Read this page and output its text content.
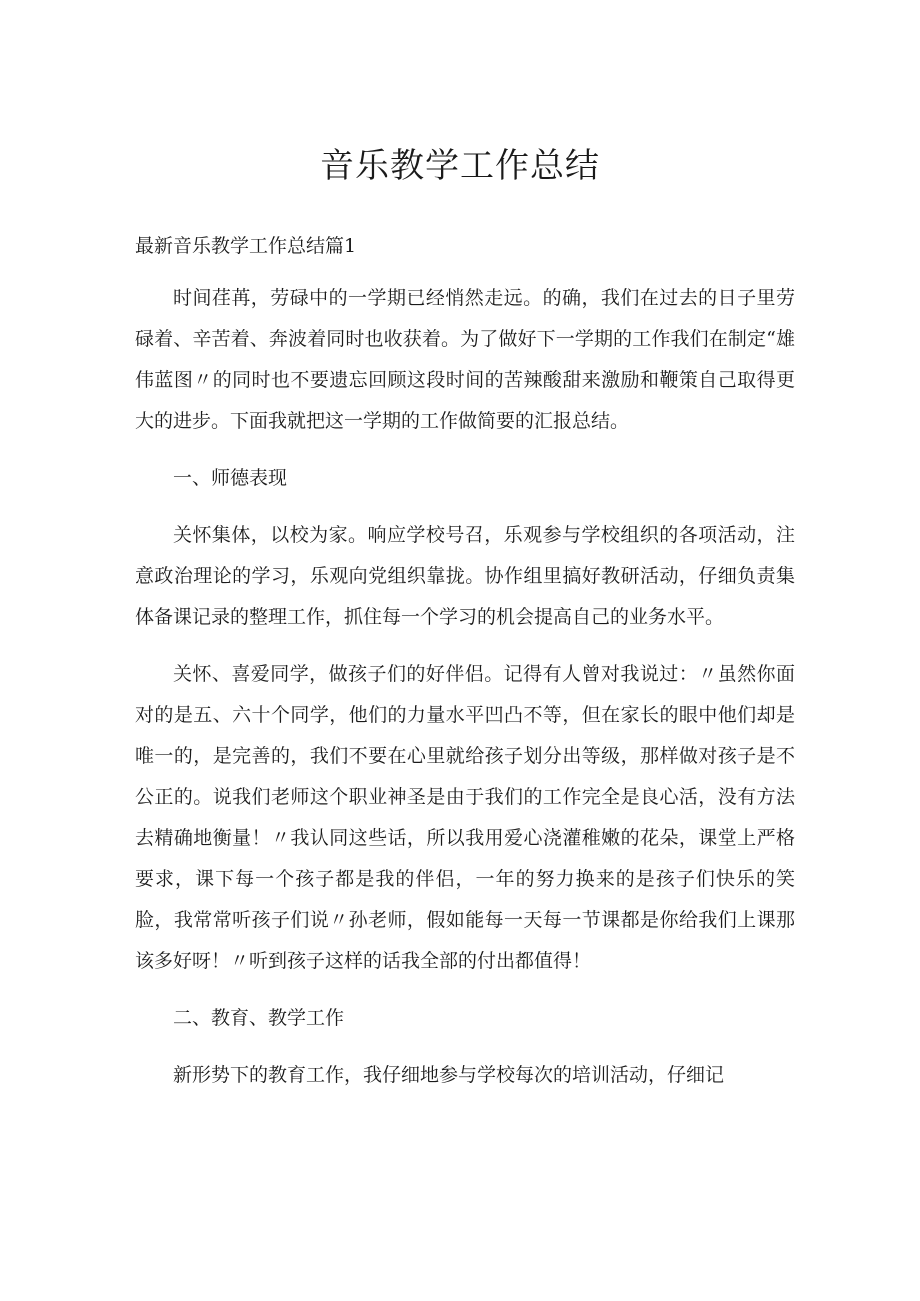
音乐教学工作总结

最新音乐教学工作总结篇1

时间荏苒，劳碌中的一学期已经悄然走远。的确，我们在过去的日子里劳碌着、辛苦着、奔波着同时也收获着。为了做好下一学期的工作我们在制定“雄伟蓝图〃的同时也不要遗忘回顾这段时间的苦辣酸甜来激励和鞭策自己取得更大的进步。下面我就把这一学期的工作做简要的汇报总结。

一、师德表现

关怀集体，以校为家。响应学校号召，乐观参与学校组织的各项活动，注意政治理论的学习，乐观向党组织靠拢。协作组里搞好教研活动，仔细负责集体备课记录的整理工作，抓住每一个学习的机会提高自己的业务水平。

关怀、喜爱同学，做孩子们的好伴侣。记得有人曾对我说过：〃虽然你面对的是五、六十个同学，他们的力量水平凹凸不等，但在家长的眼中他们却是唯一的，是完善的，我们不要在心里就给孩子划分出等级，那样做对孩子是不公正的。说我们老师这个职业神圣是由于我们的工作完全是良心活，没有方法去精确地衡量！〃我认同这些话，所以我用爱心浇灌稚嫩的花朵，课堂上严格要求，课下每一个孩子都是我的伴侣，一年的努力换来的是孩子们快乐的笑脸，我常常听孩子们说〃孙老师，假如能每一天每一节课都是你给我们上课那该多好呀！〃听到孩子这样的话我全部的付出都值得！

二、教育、教学工作

新形势下的教育工作，我仔细地参与学校每次的培训活动，仔细记
